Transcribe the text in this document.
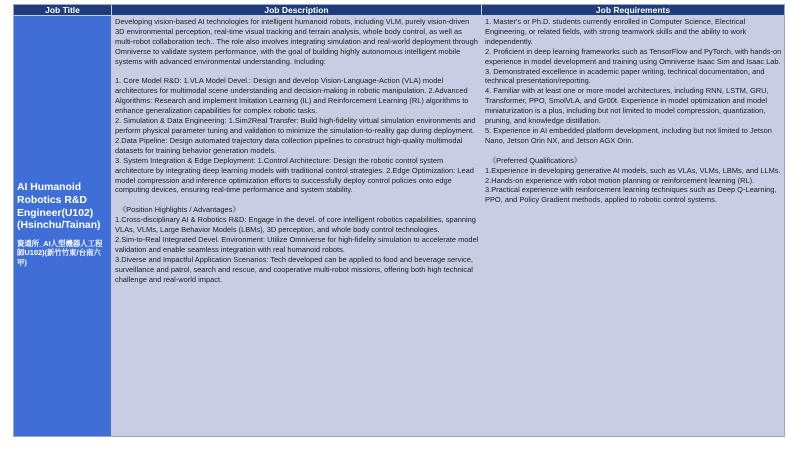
Job Title	Job Description	Job Requirements
AI Humanoid Robotics R&D Engineer(U102) (Hsinchu/Tainan)
資通所_AI人型機器人工程師U102)(新竹竹東/台南六甲)

Developing vision-based AI technologies for intelligent humanoid robots, including VLM, purely vision-driven 3D environmental perception, real-time visual tracking and terrain analysis, whole body control, as well as multi-robot collaboration tech.. The role also involves integrating simulation and real-world deployment through Omniverse to validate system performance, with the goal of building highly autonomous intelligent mobile systems with advanced environmental understanding. Including:

1. Core Model R&D: 1.VLA Model Devel.: Design and develop Vision-Language-Action (VLA) model architectures for multimodal scene understanding and decision-making in robotic manipulation. 2.Advanced Algorithms: Research and implement Imitation Learning (IL) and Reinforcement Learning (RL) algorithms to enhance generalization capabilities for complex robotic tasks.
2. Simulation & Data Engineering: 1.Sim2Real Transfer: Build high-fidelity virtual simulation environments and perform physical parameter tuning and validation to minimize the simulation-to-reality gap during deployment. 2.Data Pipeline: Design automated trajectory data collection pipelines to construct high-quality multimodal datasets for training behavior generation models.
3. System Integration & Edge Deployment: 1.Control Architecture: Design the robotic control system architecture by integrating deep learning models with traditional control strategies. 2.Edge Optimization: Lead model compression and inference optimization efforts to successfully deploy control policies onto edge computing devices, ensuring real-time performance and system stability.

　《Position Highlights / Advantages》
1.Cross-disciplinary AI & Robotics R&D: Engage in the devel. of core intelligent robotics capabilities, spanning VLAs, VLMs, Large Behavior Models (LBMs), 3D perception, and whole body control technologies.
2.Sim-to-Real Integrated Devel. Environment: Utilize Omniverse for high-fidelity simulation to accelerate model validation and enable seamless integration with real humanoid robots.
3.Diverse and Impactful Application Scenarios: Tech developed can be applied to food and beverage service, surveillance and patrol, search and rescue, and cooperative multi-robot missions, offering both high technical challenge and real-world impact.

1. Master's or Ph.D. students currently enrolled in Computer Science, Electrical Engineering, or related fields, with strong teamwork skills and the ability to work independently.
2. Proficient in deep learning frameworks such as TensorFlow and PyTorch, with hands-on experience in model development and training using Omniverse Isaac Sim and Isaac Lab.
3. Demonstrated excellence in academic paper writing, technical documentation, and technical presentation/reporting.
4. Familiar with at least one or more model architectures, including RNN, LSTM, GRU, Transformer, PPO, SmolVLA, and Gr00t. Experience in model optimization and model miniaturization is a plus, including but not limited to model compression, quantization, pruning, and knowledge distillation.
5. Experience in AI embedded platform development, including but not limited to Jetson Nano, Jetson Orin NX, and Jetson AGX Orin.

　《Preferred Qualifications》
1.Experience in developing generative AI models, such as VLAs, VLMs, LBMs, and LLMs.
2.Hands-on experience with robot motion planning or reinforcement learning (RL).
3.Practical experience with reinforcement learning techniques such as Deep Q-Learning, PPO, and Policy Gradient methods, applied to robotic control systems.
